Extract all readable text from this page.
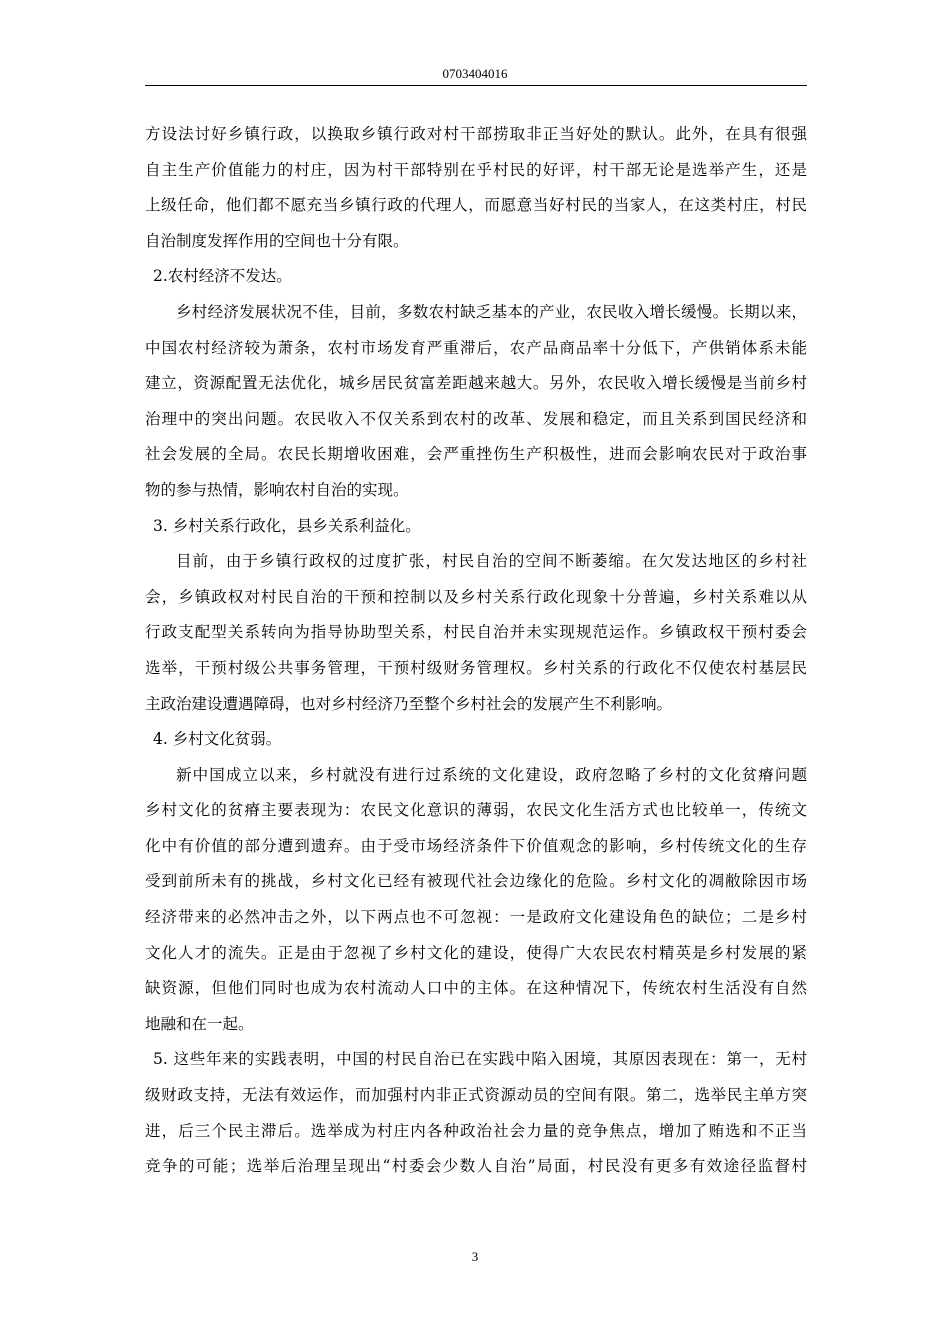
0703404016

方设法讨好乡镇行政，以换取乡镇行政对村干部捞取非正当好处的默认。此外，在具有很强

自主生产价值能力的村庄，因为村干部特别在乎村民的好评，村干部无论是选举产生，还是

上级任命，他们都不愿充当乡镇行政的代理人，而愿意当好村民的当家人，在这类村庄，村民

自治制度发挥作用的空间也十分有限。

2.农村经济不发达。

乡村经济发展状况不佳，目前，多数农村缺乏基本的产业，农民收入增长缓慢。长期以来，

中国农村经济较为萧条，农村市场发育严重滞后，农产品商品率十分低下，产供销体系未能

建立，资源配置无法优化，城乡居民贫富差距越来越大。另外，农民收入增长缓慢是当前乡村

治理中的突出问题。农民收入不仅关系到农村的改革、发展和稳定，而且关系到国民经济和

社会发展的全局。农民长期增收困难，会严重挫伤生产积极性，进而会影响农民对于政治事

物的参与热情，影响农村自治的实现。

3. 乡村关系行政化，县乡关系利益化。

目前，由于乡镇行政权的过度扩张，村民自治的空间不断萎缩。在欠发达地区的乡村社

会，乡镇政权对村民自治的干预和控制以及乡村关系行政化现象十分普遍，乡村关系难以从

行政支配型关系转向为指导协助型关系，村民自治并未实现规范运作。乡镇政权干预村委会

选举，干预村级公共事务管理，干预村级财务管理权。乡村关系的行政化不仅使农村基层民

主政治建设遭遇障碍，也对乡村经济乃至整个乡村社会的发展产生不利影响。

4. 乡村文化贫弱。

新中国成立以来，乡村就没有进行过系统的文化建设，政府忽略了乡村的文化贫瘠问题

乡村文化的贫瘠主要表现为：农民文化意识的薄弱，农民文化生活方式也比较单一，传统文

化中有价值的部分遭到遗弃。由于受市场经济条件下价值观念的影响，乡村传统文化的生存

受到前所未有的挑战，乡村文化已经有被现代社会边缘化的危险。乡村文化的凋敝除因市场

经济带来的必然冲击之外，以下两点也不可忽视：一是政府文化建设角色的缺位；二是乡村

文化人才的流失。正是由于忽视了乡村文化的建设，使得广大农民农村精英是乡村发展的紧

缺资源，但他们同时也成为农村流动人口中的主体。在这种情况下，传统农村生活没有自然

地融和在一起。

5. 这些年来的实践表明，中国的村民自治已在实践中陷入困境，其原因表现在：第一，无村

级财政支持，无法有效运作，而加强村内非正式资源动员的空间有限。第二，选举民主单方突

进，后三个民主滞后。选举成为村庄内各种政治社会力量的竞争焦点，增加了贿选和不正当

竞争的可能；选举后治理呈现出“村委会少数人自治”局面，村民没有更多有效途径监督村

3
